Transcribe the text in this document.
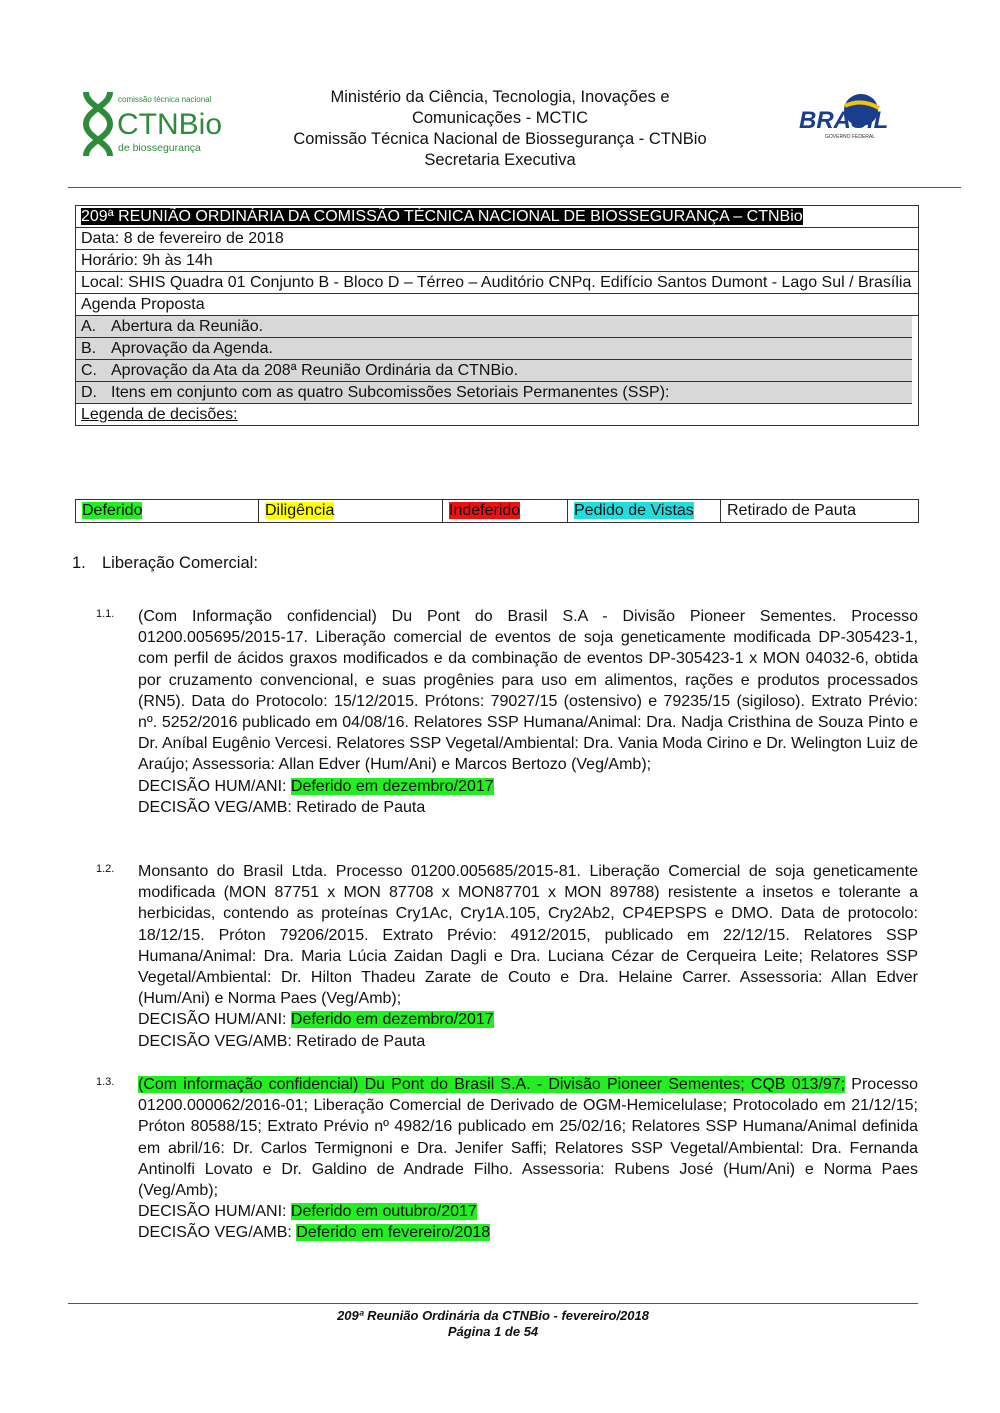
comissão técnica nacional
CTNBio
de biossegurança
Ministério da Ciência, Tecnologia, Inovações e
Comunicações - MCTIC
Comissão Técnica Nacional de Biossegurança - CTNBio
Secretaria Executiva
BRASIL
GOVERNO FEDERAL
209ª REUNIÃO ORDINÁRIA DA COMISSÃO TÉCNICA NACIONAL DE BIOSSEGURANÇA – CTNBio
Data: 8 de fevereiro de 2018
Horário: 9h às 14h
Local: SHIS Quadra 01 Conjunto B - Bloco D – Térreo – Auditório CNPq. Edifício Santos Dumont - Lago Sul / Brasília
Agenda Proposta
A. Abertura da Reunião.
B. Aprovação da Agenda.
C. Aprovação da Ata da 208ª Reunião Ordinária da CTNBio.
D. Itens em conjunto com as quatro Subcomissões Setoriais Permanentes (SSP):
Legenda de decisões:
Deferido	Diligência	Indeferido	Pedido de Vistas	Retirado de Pauta
1. Liberação Comercial:
1.1. (Com Informação confidencial) Du Pont do Brasil S.A - Divisão Pioneer Sementes. Processo 01200.005695/2015-17. Liberação comercial de eventos de soja geneticamente modificada DP-305423-1, com perfil de ácidos graxos modificados e da combinação de eventos DP-305423-1 x MON 04032-6, obtida por cruzamento convencional, e suas progênies para uso em alimentos, rações e produtos processados (RN5). Data do Protocolo: 15/12/2015. Prótons: 79027/15 (ostensivo) e 79235/15 (sigiloso). Extrato Prévio: nº. 5252/2016 publicado em 04/08/16. Relatores SSP Humana/Animal: Dra. Nadja Cristhina de Souza Pinto e Dr. Aníbal Eugênio Vercesi. Relatores SSP Vegetal/Ambiental: Dra. Vania Moda Cirino e Dr. Welington Luiz de Araújo; Assessoria: Allan Edver (Hum/Ani) e Marcos Bertozo (Veg/Amb);
DECISÃO HUM/ANI: Deferido em dezembro/2017
DECISÃO VEG/AMB: Retirado de Pauta
1.2. Monsanto do Brasil Ltda. Processo 01200.005685/2015-81. Liberação Comercial de soja geneticamente modificada (MON 87751 x MON 87708 x MON87701 x MON 89788) resistente a insetos e tolerante a herbicidas, contendo as proteínas Cry1Ac, Cry1A.105, Cry2Ab2, CP4EPSPS e DMO. Data de protocolo: 18/12/15. Próton 79206/2015. Extrato Prévio: 4912/2015, publicado em 22/12/15. Relatores SSP Humana/Animal: Dra. Maria Lúcia Zaidan Dagli e Dra. Luciana Cézar de Cerqueira Leite; Relatores SSP Vegetal/Ambiental: Dr. Hilton Thadeu Zarate de Couto e Dra. Helaine Carrer. Assessoria: Allan Edver (Hum/Ani) e Norma Paes (Veg/Amb);
DECISÃO HUM/ANI: Deferido em dezembro/2017
DECISÃO VEG/AMB: Retirado de Pauta
1.3. (Com informação confidencial) Du Pont do Brasil S.A. - Divisão Pioneer Sementes; CQB 013/97; Processo 01200.000062/2016-01; Liberação Comercial de Derivado de OGM-Hemicelulase; Protocolado em 21/12/15; Próton 80588/15; Extrato Prévio nº 4982/16 publicado em 25/02/16; Relatores SSP Humana/Animal definida em abril/16: Dr. Carlos Termignoni e Dra. Jenifer Saffi; Relatores SSP Vegetal/Ambiental: Dra. Fernanda Antinolfi Lovato e Dr. Galdino de Andrade Filho. Assessoria: Rubens José (Hum/Ani) e Norma Paes (Veg/Amb);
DECISÃO HUM/ANI: Deferido em outubro/2017
DECISÃO VEG/AMB: Deferido em fevereiro/2018
209ª Reunião Ordinária da CTNBio - fevereiro/2018
Página 1 de 54
